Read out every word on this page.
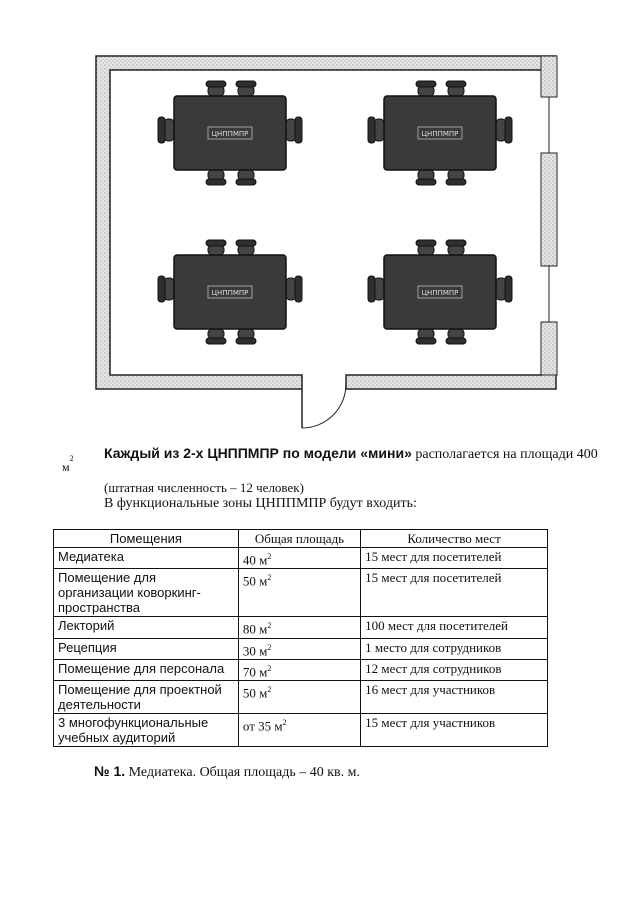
ЦНППМПР	ЦНППМПР
ЦНППМПР	ЦНППМПР
Каждый из 2-х ЦНППМПР по модели «мини» располагается на площади 400
$м^2$
(штатная численность – 12 человек)
В функциональные зоны ЦНППМПР будут входить:
Помещения	Общая площадь	Количество мест
Медиатека	40 $м^2$	15 мест для посетителей
Помещение для организации коворкинг-пространства	50 $м^2$	15 мест для посетителей
Лекторий	80 $м^2$	100 мест для посетителей
Рецепция	30 $м^2$	1 место для сотрудников
Помещение для персонала	70 $м^2$	12 мест для сотрудников
Помещение для проектной деятельности	50 $м^2$	16 мест для участников
3 многофункциональные учебных аудиторий	от 35 $м^2$	15 мест для участников
№ 1. Медиатека. Общая площадь – 40 кв. м.
